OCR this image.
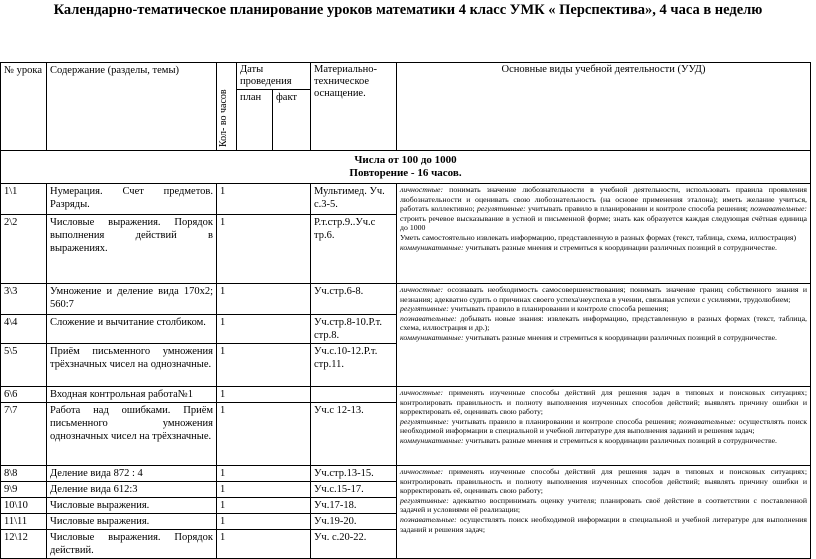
Календарно-тематическое планирование уроков математики 4 класс УМК « Перспектива», 4 часа в неделю
№ урока	Содержание (разделы, темы)	Кол- во часов	Даты проведения		Материально-техническое оснащение.	Основные виды учебной деятельности (УУД)
			план	факт		

Числа от 100 до 1000
Повторение - 16 часов.						

1\1	Нумерация. Счет предметов. Разряды.	1			Мультимед. Уч. с.3-5.	личностные: понимать значение любознательности в учебной деятельности, использовать правила проявления любознательности и оценивать свою любознательность (на основе применения эталона); иметь желание учиться, работать коллективно; регулятивные: учитывать правило в планировании и контроле способа решения; познавательные: строить речевое высказывание в устной и письменной форме; знать как образуется каждая следующая счётная единица до 1000
Уметь самостоятельно извлекать информацию, представленную в разных формах (текст, таблица, схема, иллюстрация)
коммуникативные: учитывать разные мнения и стремиться к координации различных позиций в сотрудничестве.
2\2	Числовые выражения. Порядок выполнения действий в выражениях.	1			Р.т.стр.9..Уч.с тр.6.	
3\3	Умножение и деление вида 170х2; 560:7	1			Уч.стр.6-8.	личностные: осознавать необходимость самосовершенствования; понимать значение границ собственного знания и незнания; адекватно судить о причинах своего успеха\неуспеха в учении, связывая успехи с усилиями, трудолюбием;
регулятивные: учитывать правило в планировании и контроле способа решения;
познавательные: добывать новые знания: извлекать информацию, представленную в разных формах (текст, таблица, схема, иллюстрация и др.);
коммуникативные: учитывать разные мнения и стремиться к координации различных позиций в сотрудничестве.
4\4	Сложение и вычитание столбиком.	1			Уч.стр.8-10.Р.т. стр.8.	
5\5	Приём письменного умножения трёхзначных чисел на однозначные.	1			Уч.с.10-12.Р.т. стр.11.	
6\6	Входная контрольная работа№1	1				личностные: применять изученные способы действий для решения задач в типовых и поисковых ситуациях; контролировать правильность и полноту выполнения изученных способов действий; выявлять причину ошибки и корректировать её, оценивать свою работу;
регулятивные: учитывать правило в планировании и контроле способа решения; познавательные: осуществлять поиск необходимой информации в специальной и учебной литературе для выполнения заданий и решения задач;
коммуникативные: учитывать разные мнения и стремиться к координации различных позиций в сотрудничестве.
7\7	Работа над ошибками. Приём письменного умножения однозначных чисел на трёхзначные.	1			Уч.с 12-13.	
8\8	Деление вида 872 : 4	1			Уч.стр.13-15.	личностные: применять изученные способы действий для решения задач в типовых и поисковых ситуациях; контролировать правильность и полноту выполнения изученных способов действий; выявлять причину ошибки и корректировать её, оценивать свою работу;
регулятивные: адекватно воспринимать оценку учителя; планировать своё действие в соответствии с поставленной задачей и условиями её реализации;
познавательные: осуществлять поиск необходимой информации в специальной и учебной литературе для выполнения заданий и решения задач;
9\9	Деление вида 612:3	1			Уч.с.15-17.	
10\10	Числовые выражения.	1			Уч.17-18.	
11\11	Числовые выражения.	1			Уч.19-20.	
12\12	Числовые выражения. Порядок действий.	1			Уч. с.20-22.	
